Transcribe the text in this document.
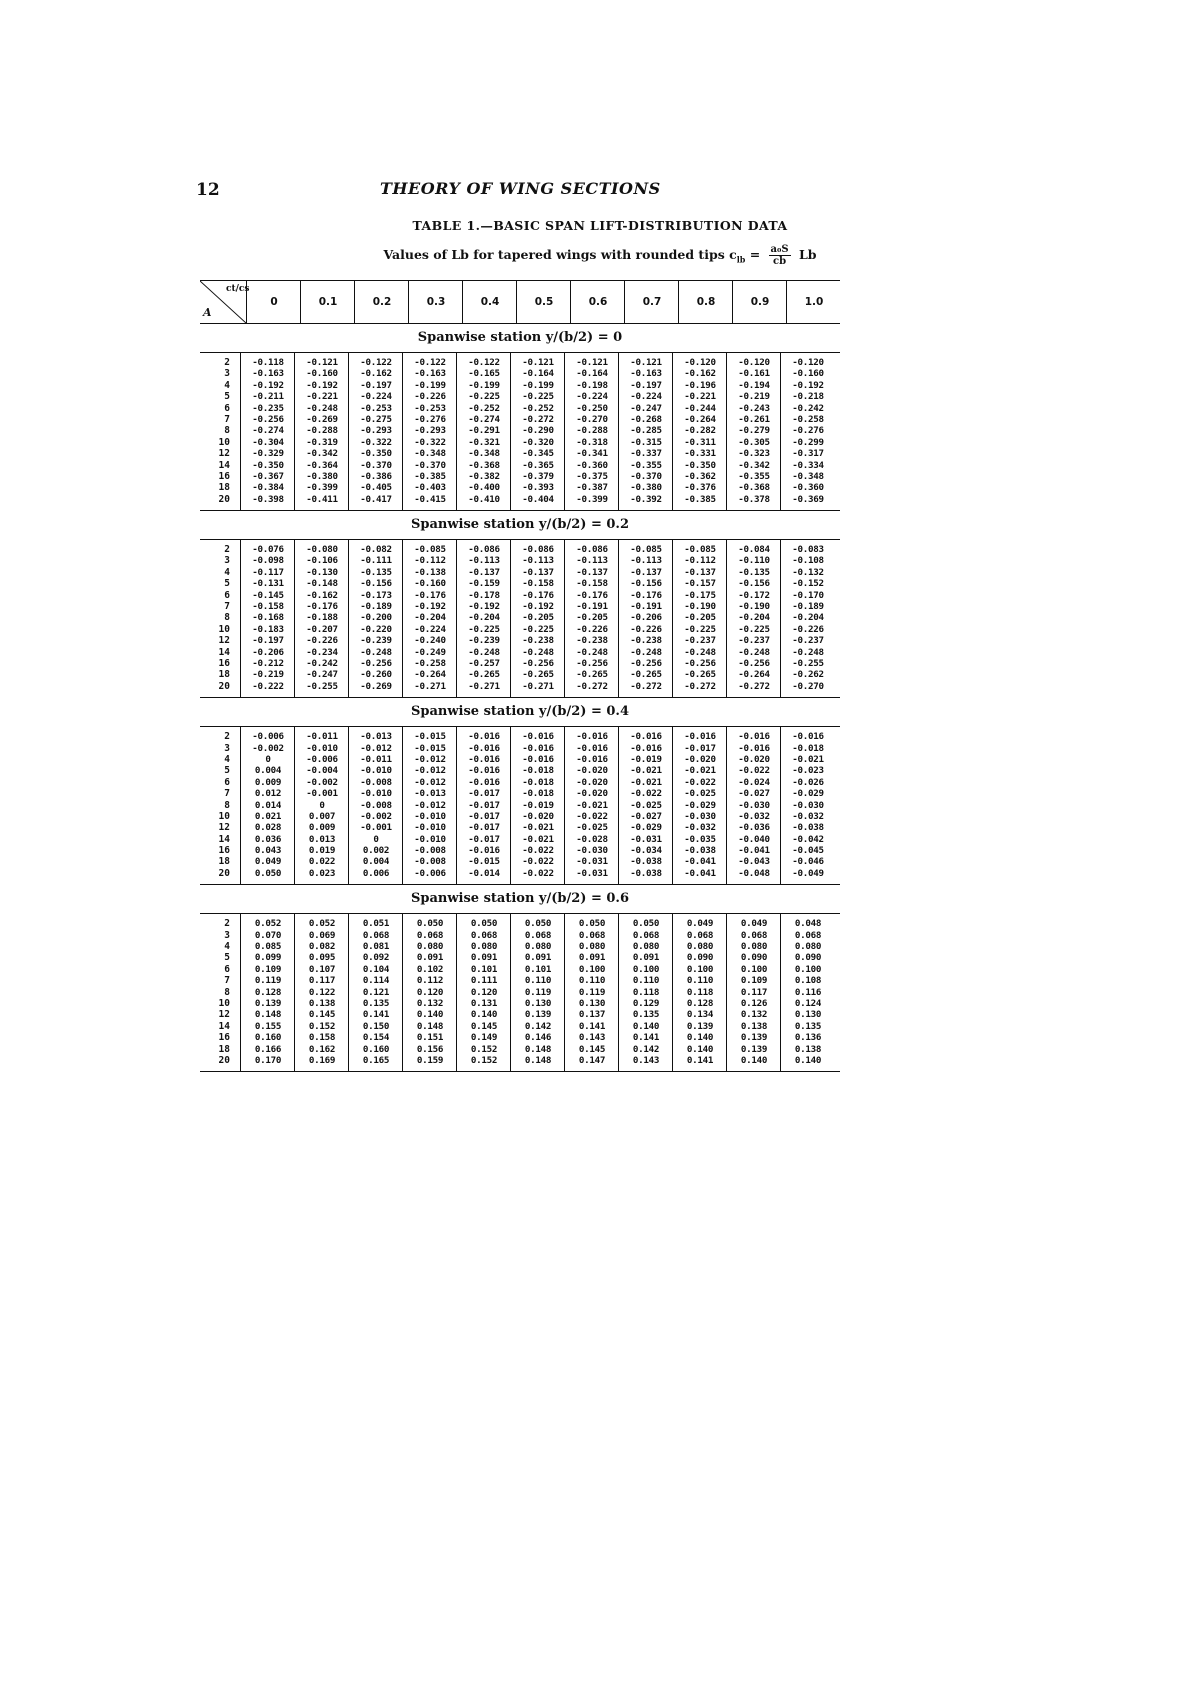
12	THEORY OF WING SECTIONS
TABLE 1.—BASIC SPAN LIFT-DISTRIBUTION DATA
Values of Lb for tapered wings with rounded tips $c_{lb} = \frac{\text{a₀S}}{cb}$ Lb
ct/cs
A
0	0.1	0.2	0.3	0.4	0.5	0.6	0.7	0.8	0.9	1.0
Spanwise station y/(b/2) = 0
2	-0.118	-0.121	-0.122	-0.122	-0.122	-0.121	-0.121	-0.121	-0.120	-0.120	-0.120
3	-0.163	-0.160	-0.162	-0.163	-0.165	-0.164	-0.164	-0.163	-0.162	-0.161	-0.160
4	-0.192	-0.192	-0.197	-0.199	-0.199	-0.199	-0.198	-0.197	-0.196	-0.194	-0.192
5	-0.211	-0.221	-0.224	-0.226	-0.225	-0.225	-0.224	-0.224	-0.221	-0.219	-0.218
6	-0.235	-0.248	-0.253	-0.253	-0.252	-0.252	-0.250	-0.247	-0.244	-0.243	-0.242
7	-0.256	-0.269	-0.275	-0.276	-0.274	-0.272	-0.270	-0.268	-0.264	-0.261	-0.258
8	-0.274	-0.288	-0.293	-0.293	-0.291	-0.290	-0.288	-0.285	-0.282	-0.279	-0.276
10	-0.304	-0.319	-0.322	-0.322	-0.321	-0.320	-0.318	-0.315	-0.311	-0.305	-0.299
12	-0.329	-0.342	-0.350	-0.348	-0.348	-0.345	-0.341	-0.337	-0.331	-0.323	-0.317
14	-0.350	-0.364	-0.370	-0.370	-0.368	-0.365	-0.360	-0.355	-0.350	-0.342	-0.334
16	-0.367	-0.380	-0.386	-0.385	-0.382	-0.379	-0.375	-0.370	-0.362	-0.355	-0.348
18	-0.384	-0.399	-0.405	-0.403	-0.400	-0.393	-0.387	-0.380	-0.376	-0.368	-0.360
20	-0.398	-0.411	-0.417	-0.415	-0.410	-0.404	-0.399	-0.392	-0.385	-0.378	-0.369
Spanwise station y/(b/2) = 0.2
2	-0.076	-0.080	-0.082	-0.085	-0.086	-0.086	-0.086	-0.085	-0.085	-0.084	-0.083
3	-0.098	-0.106	-0.111	-0.112	-0.113	-0.113	-0.113	-0.113	-0.112	-0.110	-0.108
4	-0.117	-0.130	-0.135	-0.138	-0.137	-0.137	-0.137	-0.137	-0.137	-0.135	-0.132
5	-0.131	-0.148	-0.156	-0.160	-0.159	-0.158	-0.158	-0.156	-0.157	-0.156	-0.152
6	-0.145	-0.162	-0.173	-0.176	-0.178	-0.176	-0.176	-0.176	-0.175	-0.172	-0.170
7	-0.158	-0.176	-0.189	-0.192	-0.192	-0.192	-0.191	-0.191	-0.190	-0.190	-0.189
8	-0.168	-0.188	-0.200	-0.204	-0.204	-0.205	-0.205	-0.206	-0.205	-0.204	-0.204
10	-0.183	-0.207	-0.220	-0.224	-0.225	-0.225	-0.226	-0.226	-0.225	-0.225	-0.226
12	-0.197	-0.226	-0.239	-0.240	-0.239	-0.238	-0.238	-0.238	-0.237	-0.237	-0.237
14	-0.206	-0.234	-0.248	-0.249	-0.248	-0.248	-0.248	-0.248	-0.248	-0.248	-0.248
16	-0.212	-0.242	-0.256	-0.258	-0.257	-0.256	-0.256	-0.256	-0.256	-0.256	-0.255
18	-0.219	-0.247	-0.260	-0.264	-0.265	-0.265	-0.265	-0.265	-0.265	-0.264	-0.262
20	-0.222	-0.255	-0.269	-0.271	-0.271	-0.271	-0.272	-0.272	-0.272	-0.272	-0.270
Spanwise station y/(b/2) = 0.4
2	-0.006	-0.011	-0.013	-0.015	-0.016	-0.016	-0.016	-0.016	-0.016	-0.016	-0.016
3	-0.002	-0.010	-0.012	-0.015	-0.016	-0.016	-0.016	-0.016	-0.017	-0.016	-0.018
4	0	-0.006	-0.011	-0.012	-0.016	-0.016	-0.016	-0.019	-0.020	-0.020	-0.021
5	0.004	-0.004	-0.010	-0.012	-0.016	-0.018	-0.020	-0.021	-0.021	-0.022	-0.023
6	0.009	-0.002	-0.008	-0.012	-0.016	-0.018	-0.020	-0.021	-0.022	-0.024	-0.026
7	0.012	-0.001	-0.010	-0.013	-0.017	-0.018	-0.020	-0.022	-0.025	-0.027	-0.029
8	0.014	0	-0.008	-0.012	-0.017	-0.019	-0.021	-0.025	-0.029	-0.030	-0.030
10	0.021	0.007	-0.002	-0.010	-0.017	-0.020	-0.022	-0.027	-0.030	-0.032	-0.032
12	0.028	0.009	-0.001	-0.010	-0.017	-0.021	-0.025	-0.029	-0.032	-0.036	-0.038
14	0.036	0.013	0	-0.010	-0.017	-0.021	-0.028	-0.031	-0.035	-0.040	-0.042
16	0.043	0.019	0.002	-0.008	-0.016	-0.022	-0.030	-0.034	-0.038	-0.041	-0.045
18	0.049	0.022	0.004	-0.008	-0.015	-0.022	-0.031	-0.038	-0.041	-0.043	-0.046
20	0.050	0.023	0.006	-0.006	-0.014	-0.022	-0.031	-0.038	-0.041	-0.048	-0.049
Spanwise station y/(b/2) = 0.6
2	0.052	0.052	0.051	0.050	0.050	0.050	0.050	0.050	0.049	0.049	0.048
3	0.070	0.069	0.068	0.068	0.068	0.068	0.068	0.068	0.068	0.068	0.068
4	0.085	0.082	0.081	0.080	0.080	0.080	0.080	0.080	0.080	0.080	0.080
5	0.099	0.095	0.092	0.091	0.091	0.091	0.091	0.091	0.090	0.090	0.090
6	0.109	0.107	0.104	0.102	0.101	0.101	0.100	0.100	0.100	0.100	0.100
7	0.119	0.117	0.114	0.112	0.111	0.110	0.110	0.110	0.110	0.109	0.108
8	0.128	0.122	0.121	0.120	0.120	0.119	0.119	0.118	0.118	0.117	0.116
10	0.139	0.138	0.135	0.132	0.131	0.130	0.130	0.129	0.128	0.126	0.124
12	0.148	0.145	0.141	0.140	0.140	0.139	0.137	0.135	0.134	0.132	0.130
14	0.155	0.152	0.150	0.148	0.145	0.142	0.141	0.140	0.139	0.138	0.135
16	0.160	0.158	0.154	0.151	0.149	0.146	0.143	0.141	0.140	0.139	0.136
18	0.166	0.162	0.160	0.156	0.152	0.148	0.145	0.142	0.140	0.139	0.138
20	0.170	0.169	0.165	0.159	0.152	0.148	0.147	0.143	0.141	0.140	0.140
